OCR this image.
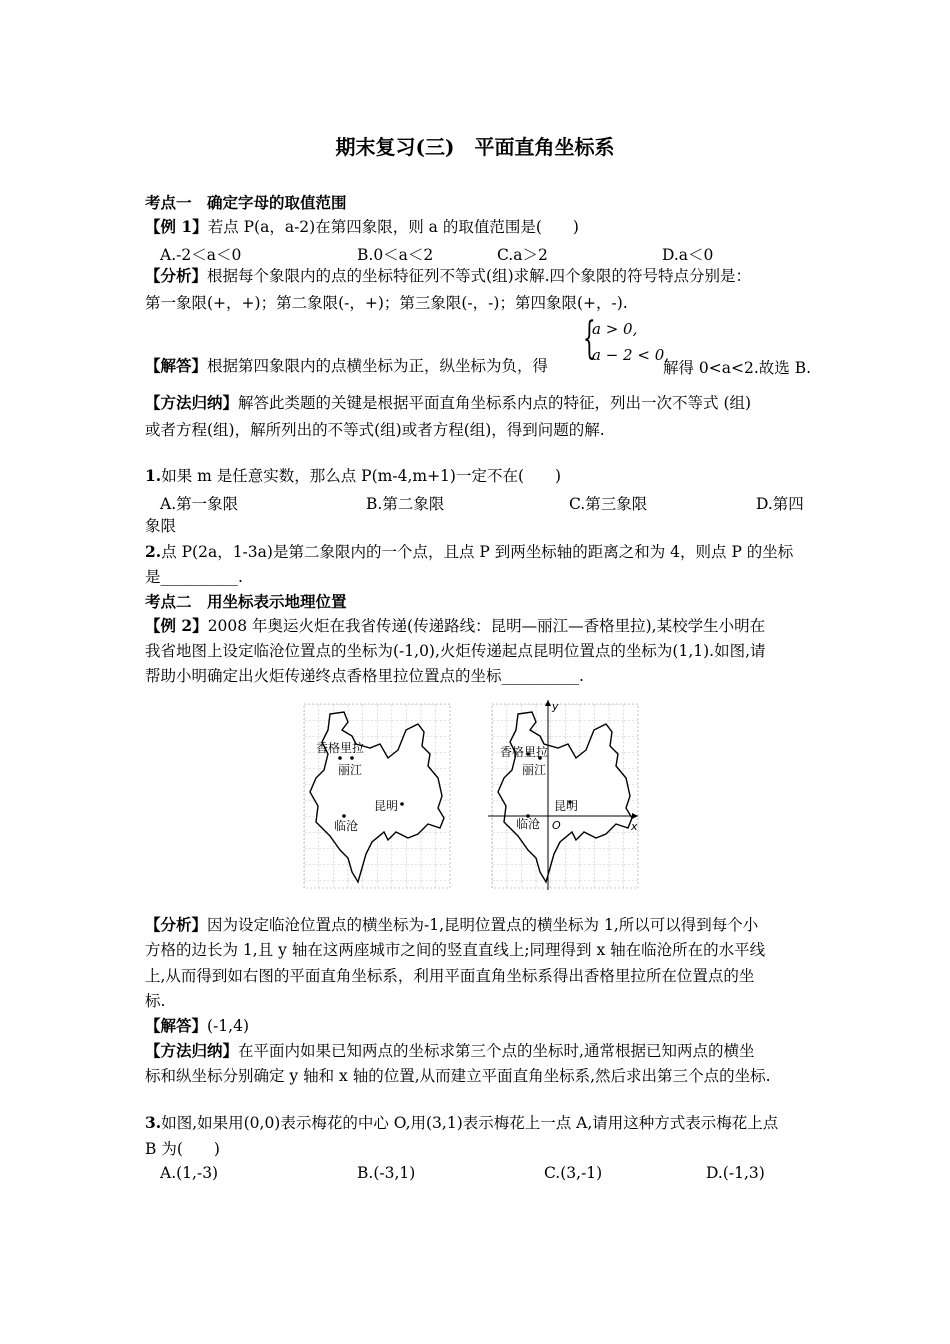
期末复习(三)　平面直角坐标系
考点一　确定字母的取值范围
【例 1】若点 P(a，a-2)在第四象限，则 a 的取值范围是(　　)
A.-2＜a＜0	B.0＜a＜2	C.a＞2	D.a＜0
【分析】根据每个象限内的点的坐标特征列不等式(组)求解.四个象限的符号特点分别是：
第一象限(+，+)；第二象限(-，+)；第三象限(-，-)；第四象限(+，-).
{
a > 0,
a − 2 < 0,
【解答】根据第四象限内的点横坐标为正，纵坐标为负，得	解得 0<a<2.故选 B.
【方法归纳】解答此类题的关键是根据平面直角坐标系内点的特征，列出一次不等式 (组)
或者方程(组)，解所列出的不等式(组)或者方程(组)，得到问题的解.
1.如果 m 是任意实数，那么点 P(m-4,m+1)一定不在(　　)
A.第一象限	B.第二象限	C.第三象限	D.第四
象限
2.点 P(2a，1-3a)是第二象限内的一个点，且点 P 到两坐标轴的距离之和为 4，则点 P 的坐标
是__________.
考点二　用坐标表示地理位置
【例 2】2008 年奥运火炬在我省传递(传递路线：昆明—丽江—香格里拉),某校学生小明在
我省地图上设定临沧位置点的坐标为(-1,0),火炬传递起点昆明位置点的坐标为(1,1).如图,请
帮助小明确定出火炬传递终点香格里拉位置点的坐标__________.
香格里拉
丽江
昆明
临沧	x
y
O
香格里拉
丽江
昆明
临沧
【分析】因为设定临沧位置点的横坐标为-1,昆明位置点的横坐标为 1,所以可以得到每个小
方格的边长为 1,且 y 轴在这两座城市之间的竖直直线上;同理得到 x 轴在临沧所在的水平线
上,从而得到如右图的平面直角坐标系，利用平面直角坐标系得出香格里拉所在位置点的坐
标.
【解答】(-1,4)
【方法归纳】在平面内如果已知两点的坐标求第三个点的坐标时,通常根据已知两点的横坐
标和纵坐标分别确定 y 轴和 x 轴的位置,从而建立平面直角坐标系,然后求出第三个点的坐标.
3.如图,如果用(0,0)表示梅花的中心 O,用(3,1)表示梅花上一点 A,请用这种方式表示梅花上点
B 为(　　)
A.(1,-3)	B.(-3,1)	C.(3,-1)	D.(-1,3)
